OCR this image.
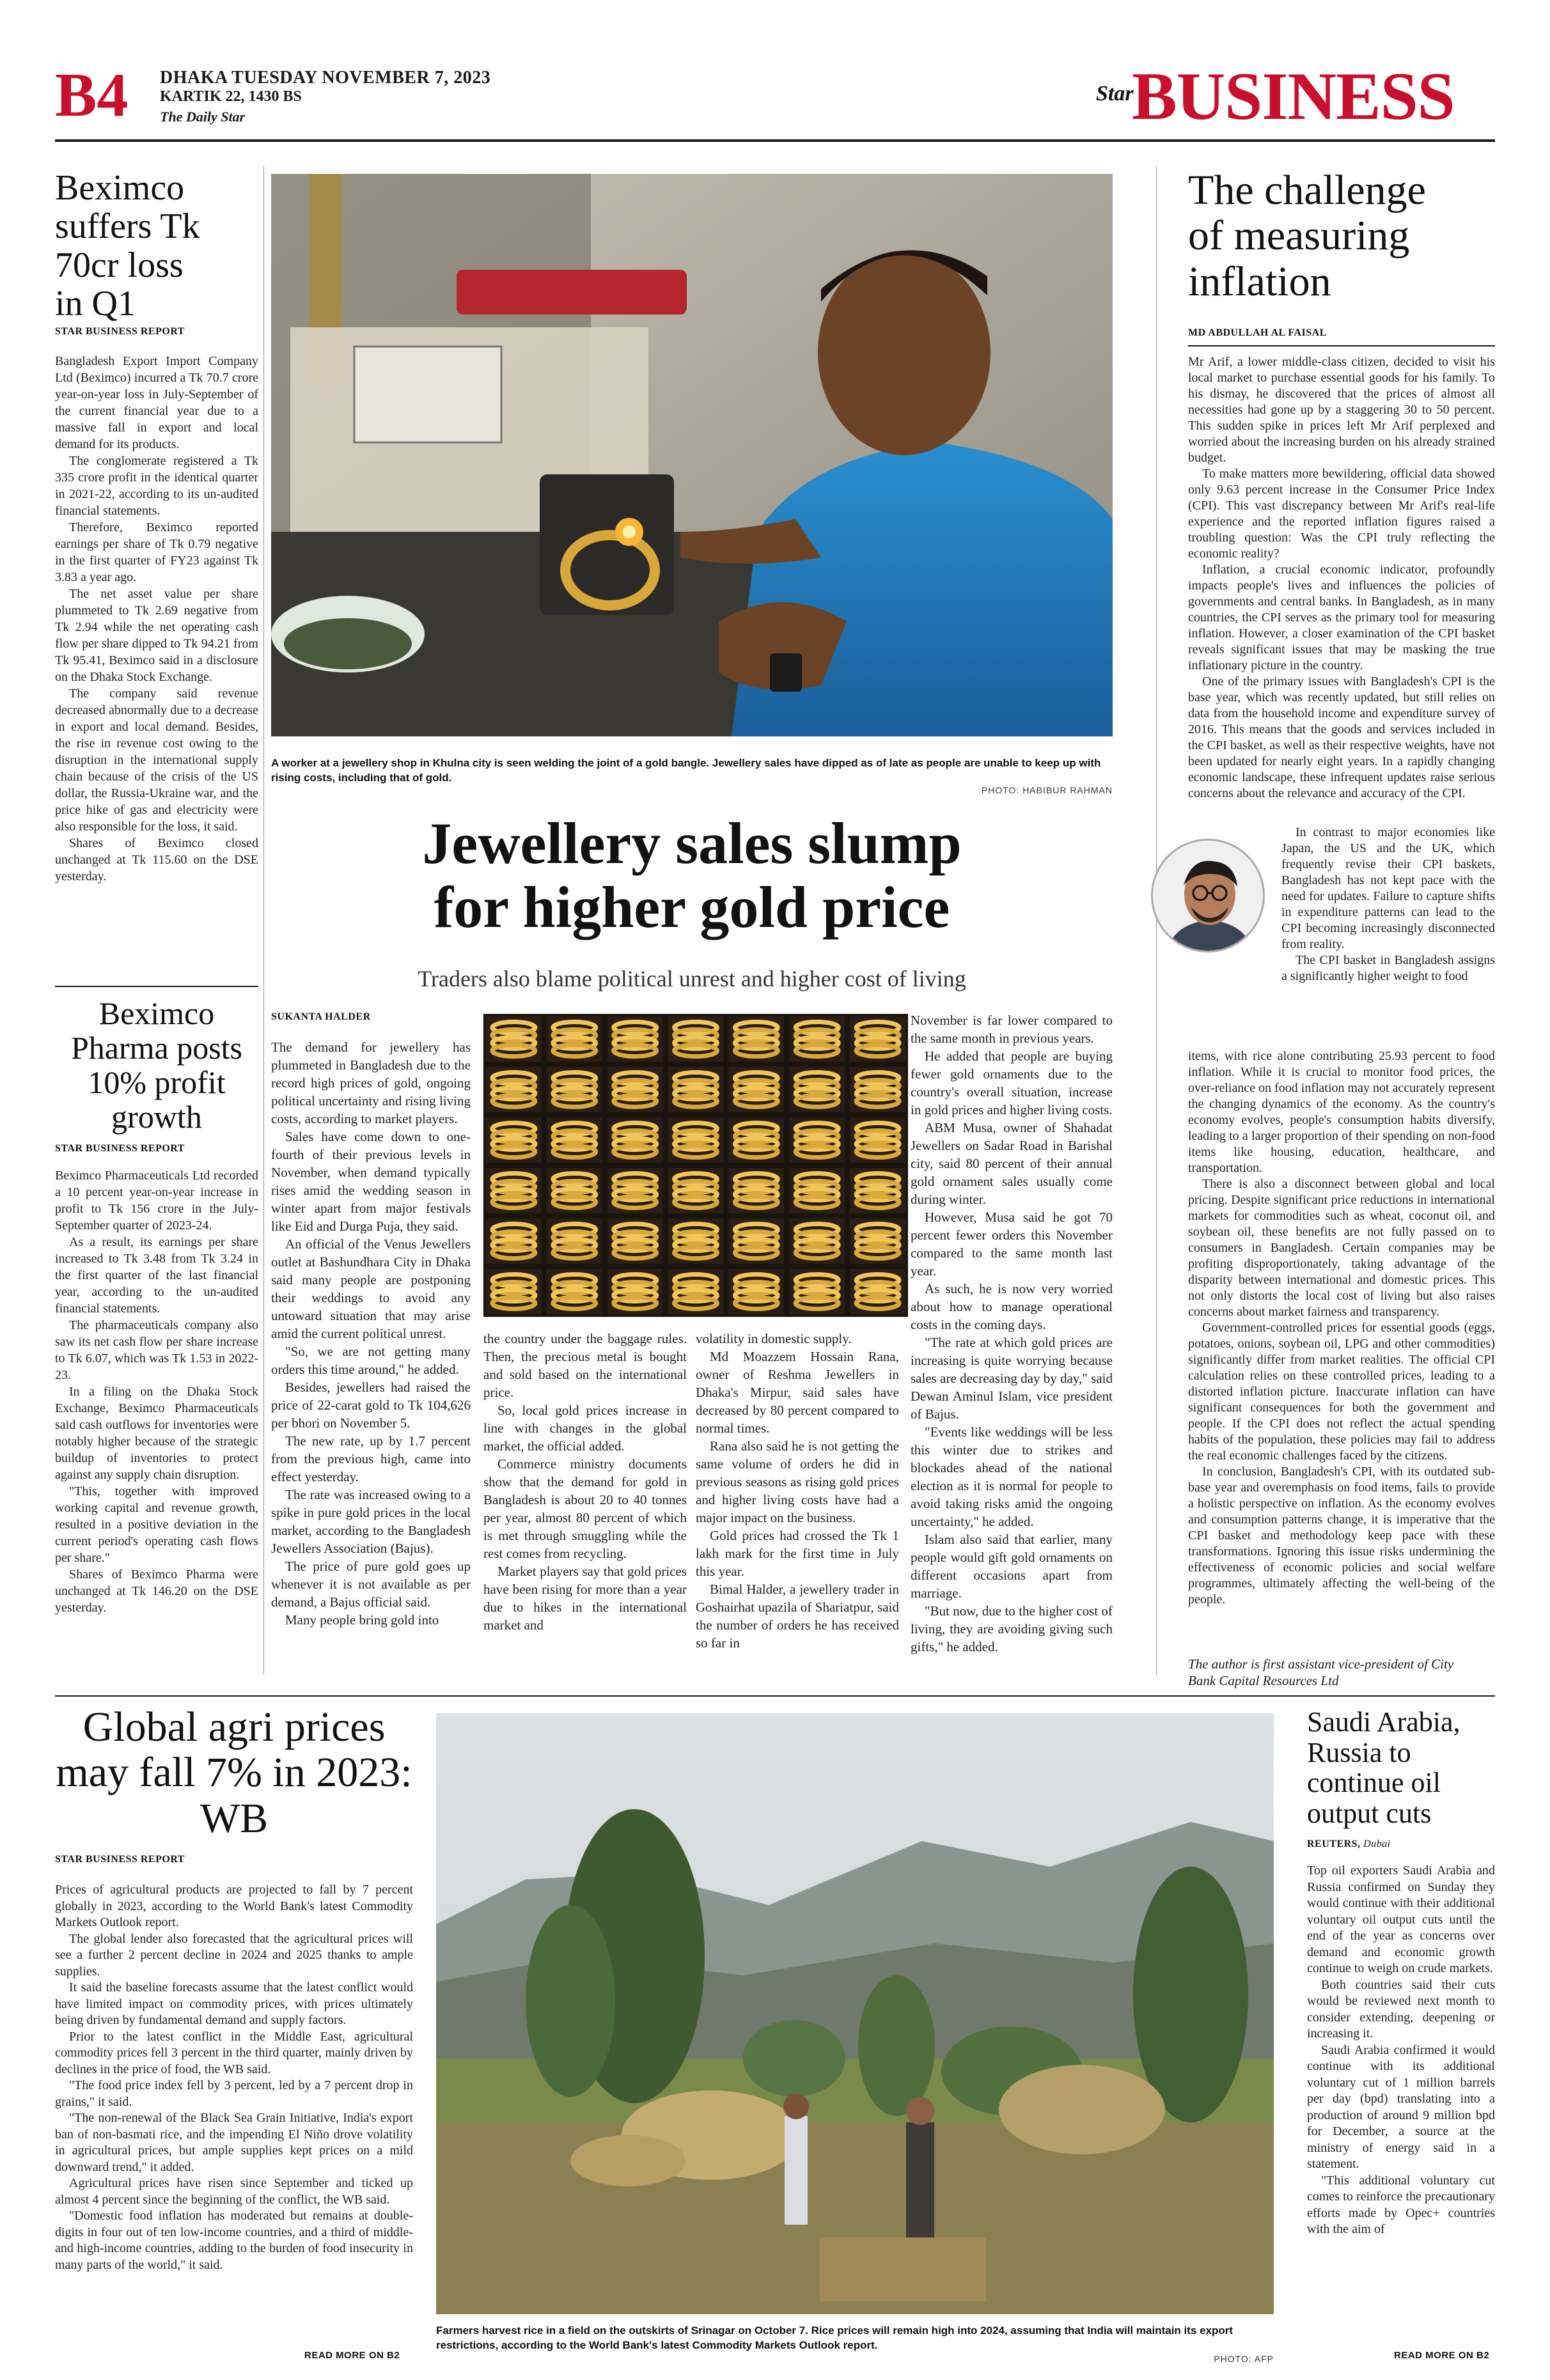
B4 DHAKA TUESDAY NOVEMBER 7, 2023
KARTIK 22, 1430 BS
The Daily Star
Star
BUSINESS
Beximco suffers Tk 70cr loss in Q1
STAR BUSINESS REPORT

Bangladesh Export Import Company Ltd (Beximco) incurred a Tk 70.7 crore year-on-year loss in July-September of the current financial year due to a massive fall in export and local demand for its products.

The conglomerate registered a Tk 335 crore profit in the identical quarter in 2021-22, according to its un-audited financial statements.

Therefore, Beximco reported earnings per share of Tk 0.79 negative in the first quarter of FY23 against Tk 3.83 a year ago.

The net asset value per share plummeted to Tk 2.69 negative from Tk 2.94 while the net operating cash flow per share dipped to Tk 94.21 from Tk 95.41, Beximco said in a disclosure on the Dhaka Stock Exchange.

The company said revenue decreased abnormally due to a decrease in export and local demand. Besides, the rise in revenue cost owing to the disruption in the international supply chain because of the crisis of the US dollar, the Russia-Ukraine war, and the price hike of gas and electricity were also responsible for the loss, it said.

Shares of Beximco closed unchanged at Tk 115.60 on the DSE yesterday.

Beximco Pharma posts 10% profit growth
STAR BUSINESS REPORT

Beximco Pharmaceuticals Ltd recorded a 10 percent year-on-year increase in profit to Tk 156 crore in the July-September quarter of 2023-24.

As a result, its earnings per share increased to Tk 3.48 from Tk 3.24 in the first quarter of the last financial year, according to the un-audited financial statements.

The pharmaceuticals company also saw its net cash flow per share increase to Tk 6.07, which was Tk 1.53 in 2022-23.

In a filing on the Dhaka Stock Exchange, Beximco Pharmaceuticals said cash outflows for inventories were notably higher because of the strategic buildup of inventories to protect against any supply chain disruption.

"This, together with improved working capital and revenue growth, resulted in a positive deviation in the current period's operating cash flows per share."

Shares of Beximco Pharma were unchanged at Tk 146.20 on the DSE yesterday.

A worker at a jewellery shop in Khulna city is seen welding the joint of a gold bangle. Jewellery sales have dipped as of late as people are unable to keep up with rising costs, including that of gold.
PHOTO: HABIBUR RAHMAN
Jewellery sales slump
for higher gold price
Traders also blame political unrest and higher cost of living
SUKANTA HALDER

The demand for jewellery has plummeted in Bangladesh due to the record high prices of gold, ongoing political uncertainty and rising living costs, according to market players.

Sales have come down to one-fourth of their previous levels in November, when demand typically rises amid the wedding season in winter apart from major festivals like Eid and Durga Puja, they said.

An official of the Venus Jewellers outlet at Bashundhara City in Dhaka said many people are postponing their weddings to avoid any untoward situation that may arise amid the current political unrest.

"So, we are not getting many orders this time around," he added.

Besides, jewellers had raised the price of 22-carat gold to Tk 104,626 per bhori on November 5.

The new rate, up by 1.7 percent from the previous high, came into effect yesterday.

The rate was increased owing to a spike in pure gold prices in the local market, according to the Bangladesh Jewellers Association (Bajus).

The price of pure gold goes up whenever it is not available as per demand, a Bajus official said.

Many people bring gold into

the country under the baggage rules. Then, the precious metal is bought and sold based on the international price.

So, local gold prices increase in line with changes in the global market, the official added.

Commerce ministry documents show that the demand for gold in Bangladesh is about 20 to 40 tonnes per year, almost 80 percent of which is met through smuggling while the rest comes from recycling.

Market players say that gold prices have been rising for more than a year due to hikes in the international market and

volatility in domestic supply.

Md Moazzem Hossain Rana, owner of Reshma Jewellers in Dhaka's Mirpur, said sales have decreased by 80 percent compared to normal times.

Rana also said he is not getting the same volume of orders he did in previous seasons as rising gold prices and higher living costs have had a major impact on the business.

Gold prices had crossed the Tk 1 lakh mark for the first time in July this year.

Bimal Halder, a jewellery trader in Goshairhat upazila of Shariatpur, said the number of orders he has received so far in

November is far lower compared to the same month in previous years.

He added that people are buying fewer gold ornaments due to the country's overall situation, increase in gold prices and higher living costs.

ABM Musa, owner of Shahadat Jewellers on Sadar Road in Barishal city, said 80 percent of their annual gold ornament sales usually come during winter.

However, Musa said he got 70 percent fewer orders this November compared to the same month last year.

As such, he is now very worried about how to manage operational costs in the coming days.

"The rate at which gold prices are increasing is quite worrying because sales are decreasing day by day," said Dewan Aminul Islam, vice president of Bajus.

"Events like weddings will be less this winter due to strikes and blockades ahead of the national election as it is normal for people to avoid taking risks amid the ongoing uncertainty," he added.

Islam also said that earlier, many people would gift gold ornaments on different occasions apart from marriage.

"But now, due to the higher cost of living, they are avoiding giving such gifts," he added.

The challenge of measuring inflation
MD ABDULLAH AL FAISAL

Mr Arif, a lower middle-class citizen, decided to visit his local market to purchase essential goods for his family. To his dismay, he discovered that the prices of almost all necessities had gone up by a staggering 30 to 50 percent. This sudden spike in prices left Mr Arif perplexed and worried about the increasing burden on his already strained budget.

To make matters more bewildering, official data showed only 9.63 percent increase in the Consumer Price Index (CPI). This vast discrepancy between Mr Arif's real-life experience and the reported inflation figures raised a troubling question: Was the CPI truly reflecting the economic reality?

Inflation, a crucial economic indicator, profoundly impacts people's lives and influences the policies of governments and central banks. In Bangladesh, as in many countries, the CPI serves as the primary tool for measuring inflation. However, a closer examination of the CPI basket reveals significant issues that may be masking the true inflationary picture in the country.

One of the primary issues with Bangladesh's CPI is the base year, which was recently updated, but still relies on data from the household income and expenditure survey of 2016. This means that the goods and services included in the CPI basket, as well as their respective weights, have not been updated for nearly eight years. In a rapidly changing economic landscape, these infrequent updates raise serious concerns about the relevance and accuracy of the CPI.

In contrast to major economies like Japan, the US and the UK, which frequently revise their CPI baskets, Bangladesh has not kept pace with the need for updates. Failure to capture shifts in expenditure patterns can lead to the CPI becoming increasingly disconnected from reality.

The CPI basket in Bangladesh assigns a significantly higher weight to food

items, with rice alone contributing 25.93 percent to food inflation. While it is crucial to monitor food prices, the over-reliance on food inflation may not accurately represent the changing dynamics of the economy. As the country's economy evolves, people's consumption habits diversify, leading to a larger proportion of their spending on non-food items like housing, education, healthcare, and transportation.

There is also a disconnect between global and local pricing. Despite significant price reductions in international markets for commodities such as wheat, coconut oil, and soybean oil, these benefits are not fully passed on to consumers in Bangladesh. Certain companies may be profiting disproportionately, taking advantage of the disparity between international and domestic prices. This not only distorts the local cost of living but also raises concerns about market fairness and transparency.

Government-controlled prices for essential goods (eggs, potatoes, onions, soybean oil, LPG and other commodities) significantly differ from market realities. The official CPI calculation relies on these controlled prices, leading to a distorted inflation picture. Inaccurate inflation can have significant consequences for both the government and people. If the CPI does not reflect the actual spending habits of the population, these policies may fail to address the real economic challenges faced by the citizens.

In conclusion, Bangladesh's CPI, with its outdated sub-base year and overemphasis on food items, fails to provide a holistic perspective on inflation. As the economy evolves and consumption patterns change, it is imperative that the CPI basket and methodology keep pace with these transformations. Ignoring this issue risks undermining the effectiveness of economic policies and social welfare programmes, ultimately affecting the well-being of the people.

The author is first assistant vice-president of City Bank Capital Resources Ltd
Global agri prices may fall 7% in 2023: WB
STAR BUSINESS REPORT

Prices of agricultural products are projected to fall by 7 percent globally in 2023, according to the World Bank's latest Commodity Markets Outlook report.

The global lender also forecasted that the agricultural prices will see a further 2 percent decline in 2024 and 2025 thanks to ample supplies.

It said the baseline forecasts assume that the latest conflict would have limited impact on commodity prices, with prices ultimately being driven by fundamental demand and supply factors.

Prior to the latest conflict in the Middle East, agricultural commodity prices fell 3 percent in the third quarter, mainly driven by declines in the price of food, the WB said.

"The food price index fell by 3 percent, led by a 7 percent drop in grains," it said.

"The non-renewal of the Black Sea Grain Initiative, India's export ban of non-basmati rice, and the impending El Niño drove volatility in agricultural prices, but ample supplies kept prices on a mild downward trend," it added.

Agricultural prices have risen since September and ticked up almost 4 percent since the beginning of the conflict, the WB said.

"Domestic food inflation has moderated but remains at double-digits in four out of ten low-income countries, and a third of middle- and high-income countries, adding to the burden of food insecurity in many parts of the world," it said.

READ MORE ON B2
Farmers harvest rice in a field on the outskirts of Srinagar on October 7. Rice prices will remain high into 2024, assuming that India will maintain its export restrictions, according to the World Bank's latest Commodity Markets Outlook report.
PHOTO: AFP
Saudi Arabia, Russia to continue oil output cuts
REUTERS, Dubai

Top oil exporters Saudi Arabia and Russia confirmed on Sunday they would continue with their additional voluntary oil output cuts until the end of the year as concerns over demand and economic growth continue to weigh on crude markets.

Both countries said their cuts would be reviewed next month to consider extending, deepening or increasing it.

Saudi Arabia confirmed it would continue with its additional voluntary cut of 1 million barrels per day (bpd) translating into a production of around 9 million bpd for December, a source at the ministry of energy said in a statement.

"This additional voluntary cut comes to reinforce the precautionary efforts made by Opec+ countries with the aim of

READ MORE ON B2
